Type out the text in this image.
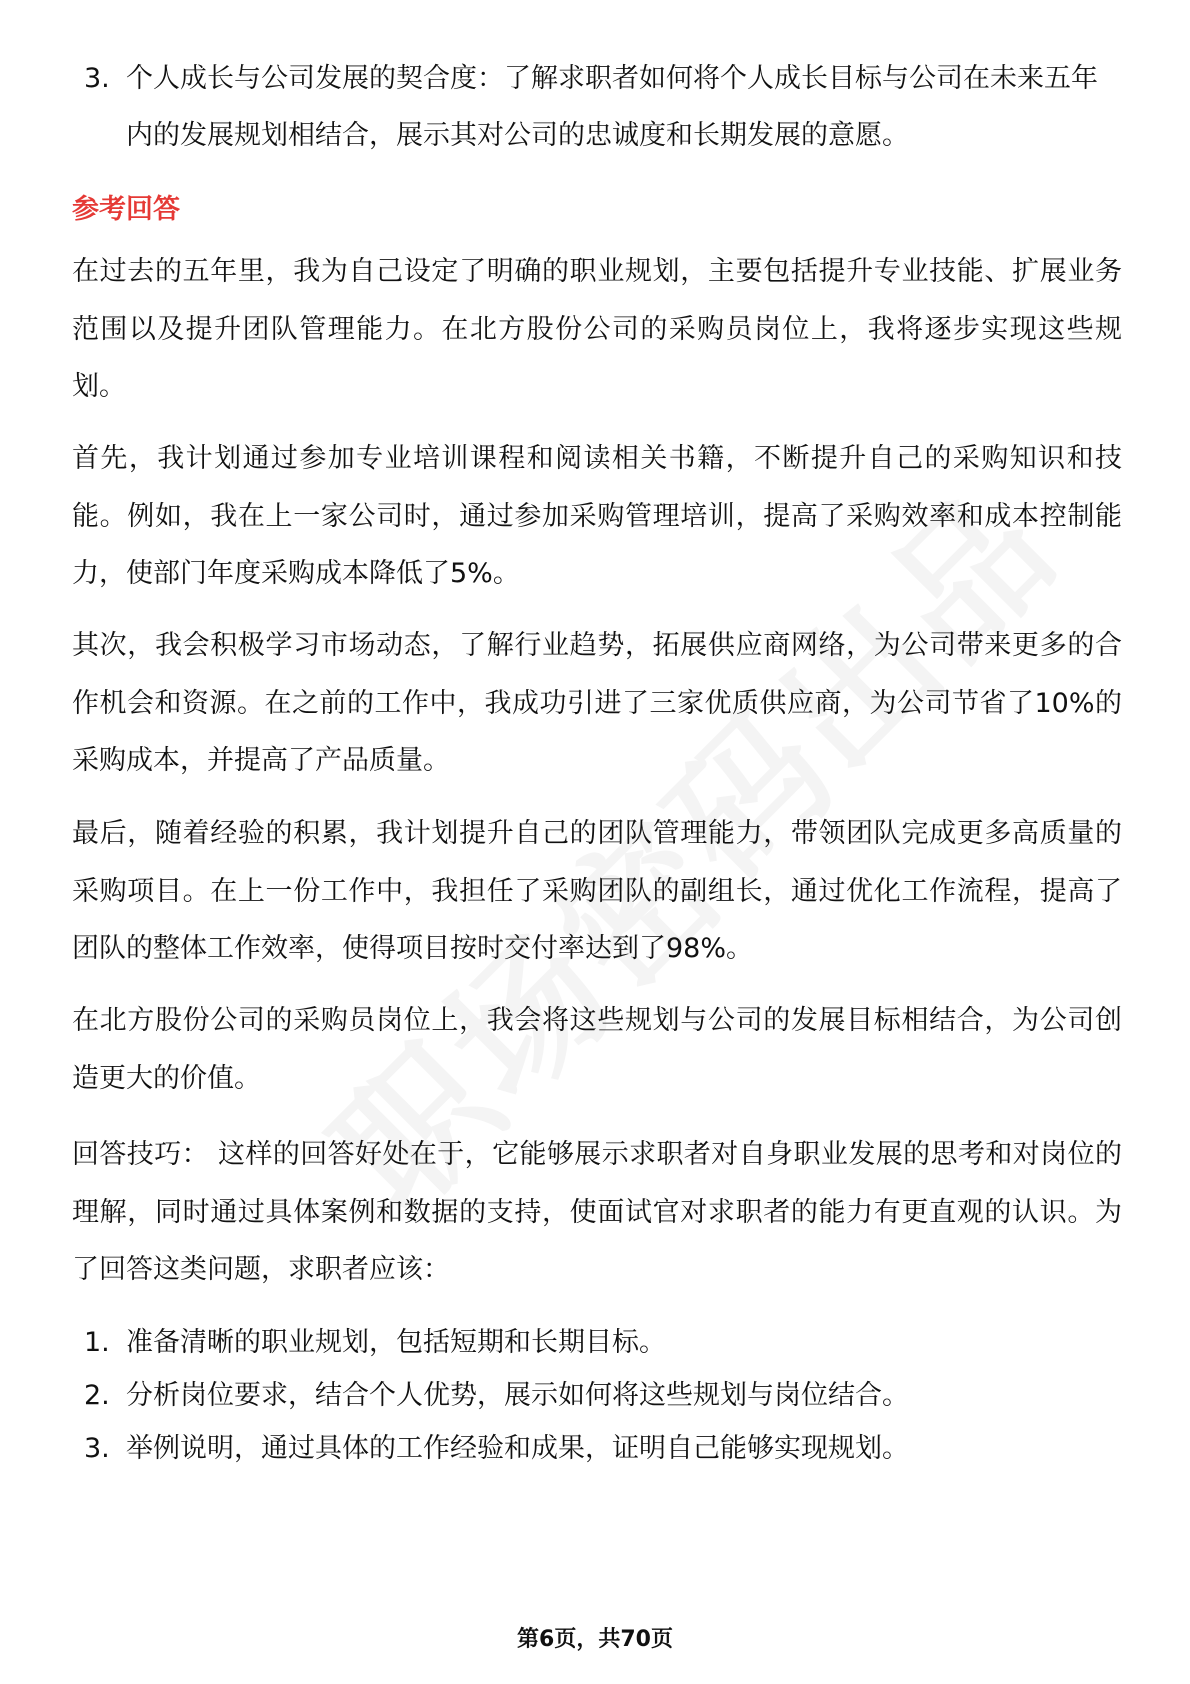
3. 个人成长与公司发展的契合度：了解求职者如何将个人成长目标与公司在未来五年内的发展规划相结合，展示其对公司的忠诚度和长期发展的意愿。
参考回答
在过去的五年里，我为自己设定了明确的职业规划，主要包括提升专业技能、扩展业务范围以及提升团队管理能力。在北方股份公司的采购员岗位上，我将逐步实现这些规划。
首先，我计划通过参加专业培训课程和阅读相关书籍，不断提升自己的采购知识和技能。例如，我在上一家公司时，通过参加采购管理培训，提高了采购效率和成本控制能力，使部门年度采购成本降低了5%。
其次，我会积极学习市场动态，了解行业趋势，拓展供应商网络，为公司带来更多的合作机会和资源。在之前的工作中，我成功引进了三家优质供应商，为公司节省了10%的采购成本，并提高了产品质量。
最后，随着经验的积累，我计划提升自己的团队管理能力，带领团队完成更多高质量的采购项目。在上一份工作中，我担任了采购团队的副组长，通过优化工作流程，提高了团队的整体工作效率，使得项目按时交付率达到了98%。
在北方股份公司的采购员岗位上，我会将这些规划与公司的发展目标相结合，为公司创造更大的价值。
回答技巧： 这样的回答好处在于，它能够展示求职者对自身职业发展的思考和对岗位的理解，同时通过具体案例和数据的支持，使面试官对求职者的能力有更直观的认识。为了回答这类问题，求职者应该：
1. 准备清晰的职业规划，包括短期和长期目标。
2. 分析岗位要求，结合个人优势，展示如何将这些规划与岗位结合。
3. 举例说明，通过具体的工作经验和成果，证明自己能够实现规划。
第6页，共70页
